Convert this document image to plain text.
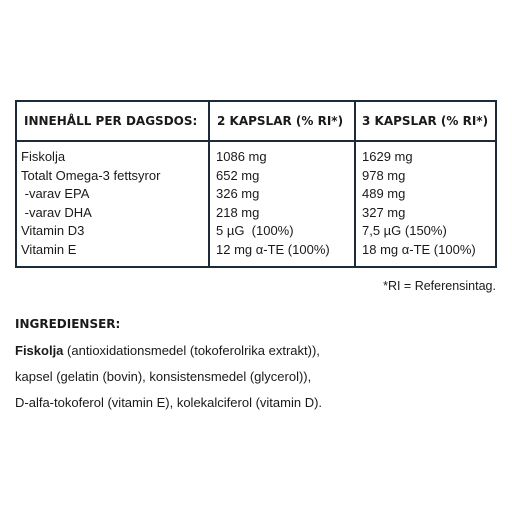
INNEHÅLL PER DAGSDOS: 2 KAPSLAR (% RI*) 3 KAPSLAR (% RI*)
Fiskolja
Totalt Omega-3 fettsyror
-varav EPA
-varav DHA
Vitamin D3
Vitamin E
1086 mg
652 mg
326 mg
218 mg
5 µG  (100%)
12 mg α-TE (100%)
1629 mg
978 mg
489 mg
327 mg
7,5 µG (150%)
18 mg α-TE (100%)
*RI = Referensintag.
INGREDIENSER:
Fiskolja (antioxidationsmedel (tokoferolrika extrakt)),
kapsel (gelatin (bovin), konsistensmedel (glycerol)),
D-alfa-tokoferol (vitamin E), kolekalciferol (vitamin D).
